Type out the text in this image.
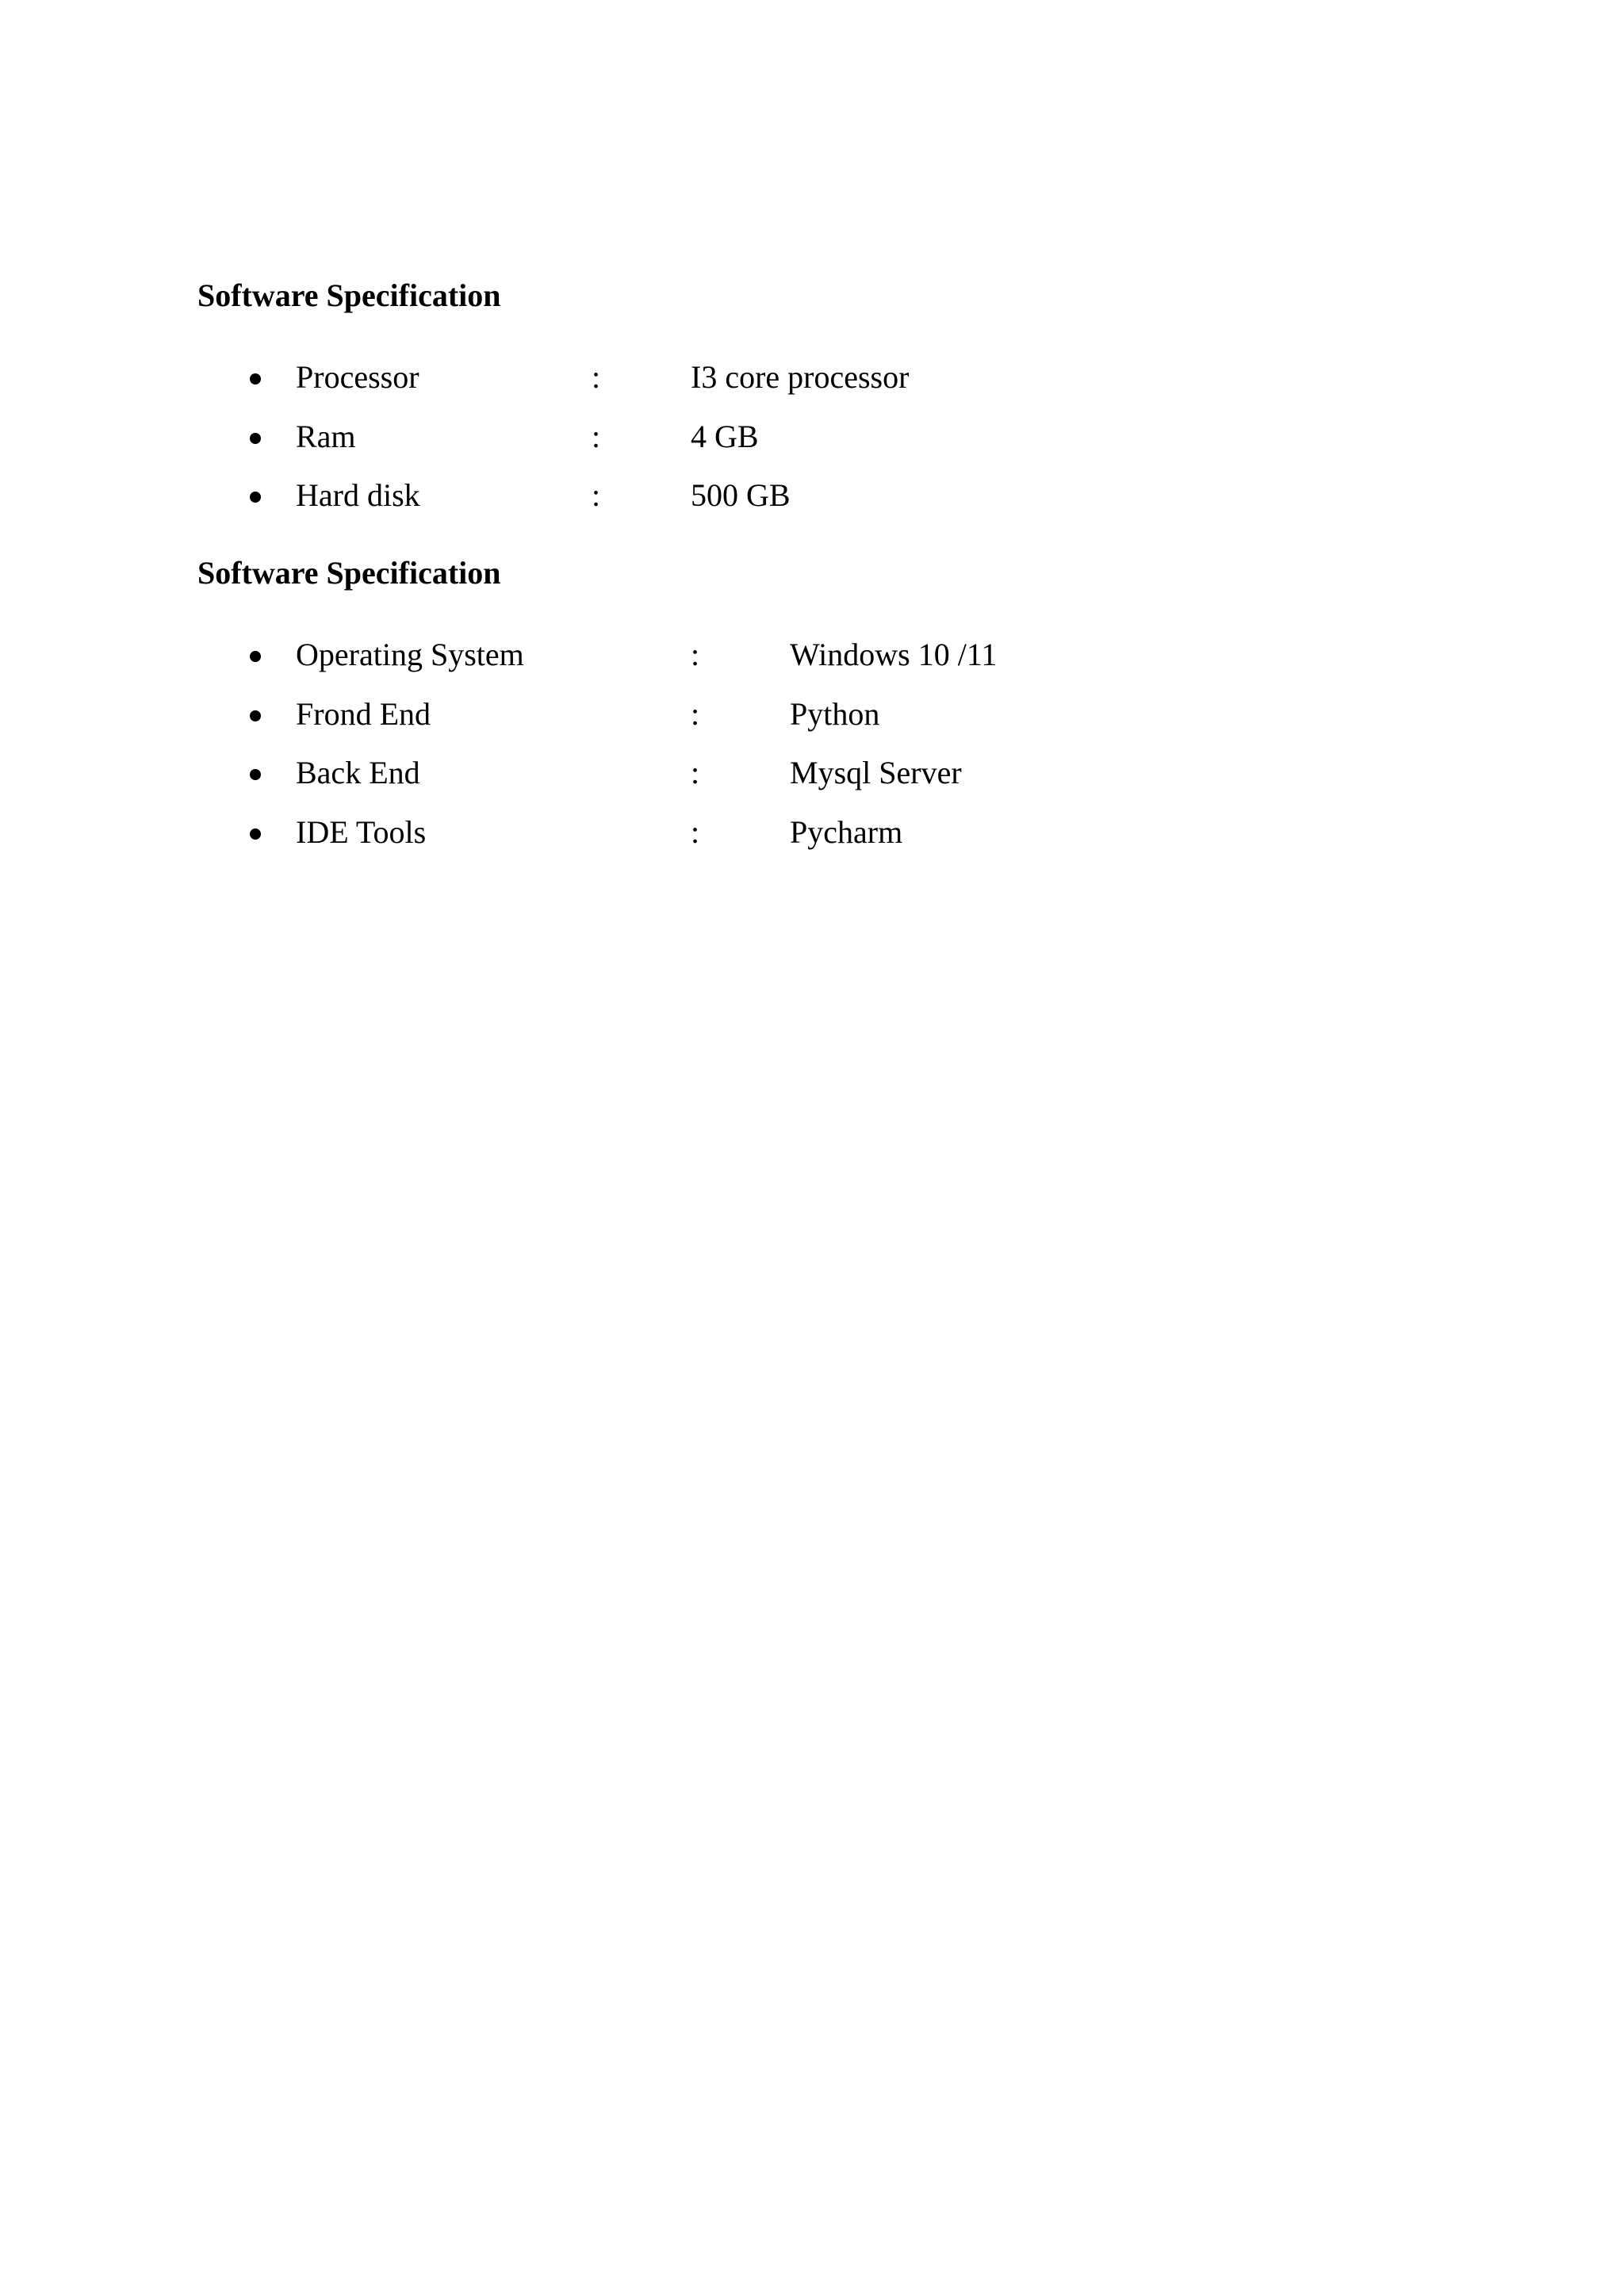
Software Specification
Processor	:	I3 core processor
Ram	:	4 GB
Hard disk	:	500 GB
Software Specification
Operating System	:	Windows 10 /11
Frond End	:	Python
Back End	:	Mysql Server
IDE Tools	:	Pycharm
